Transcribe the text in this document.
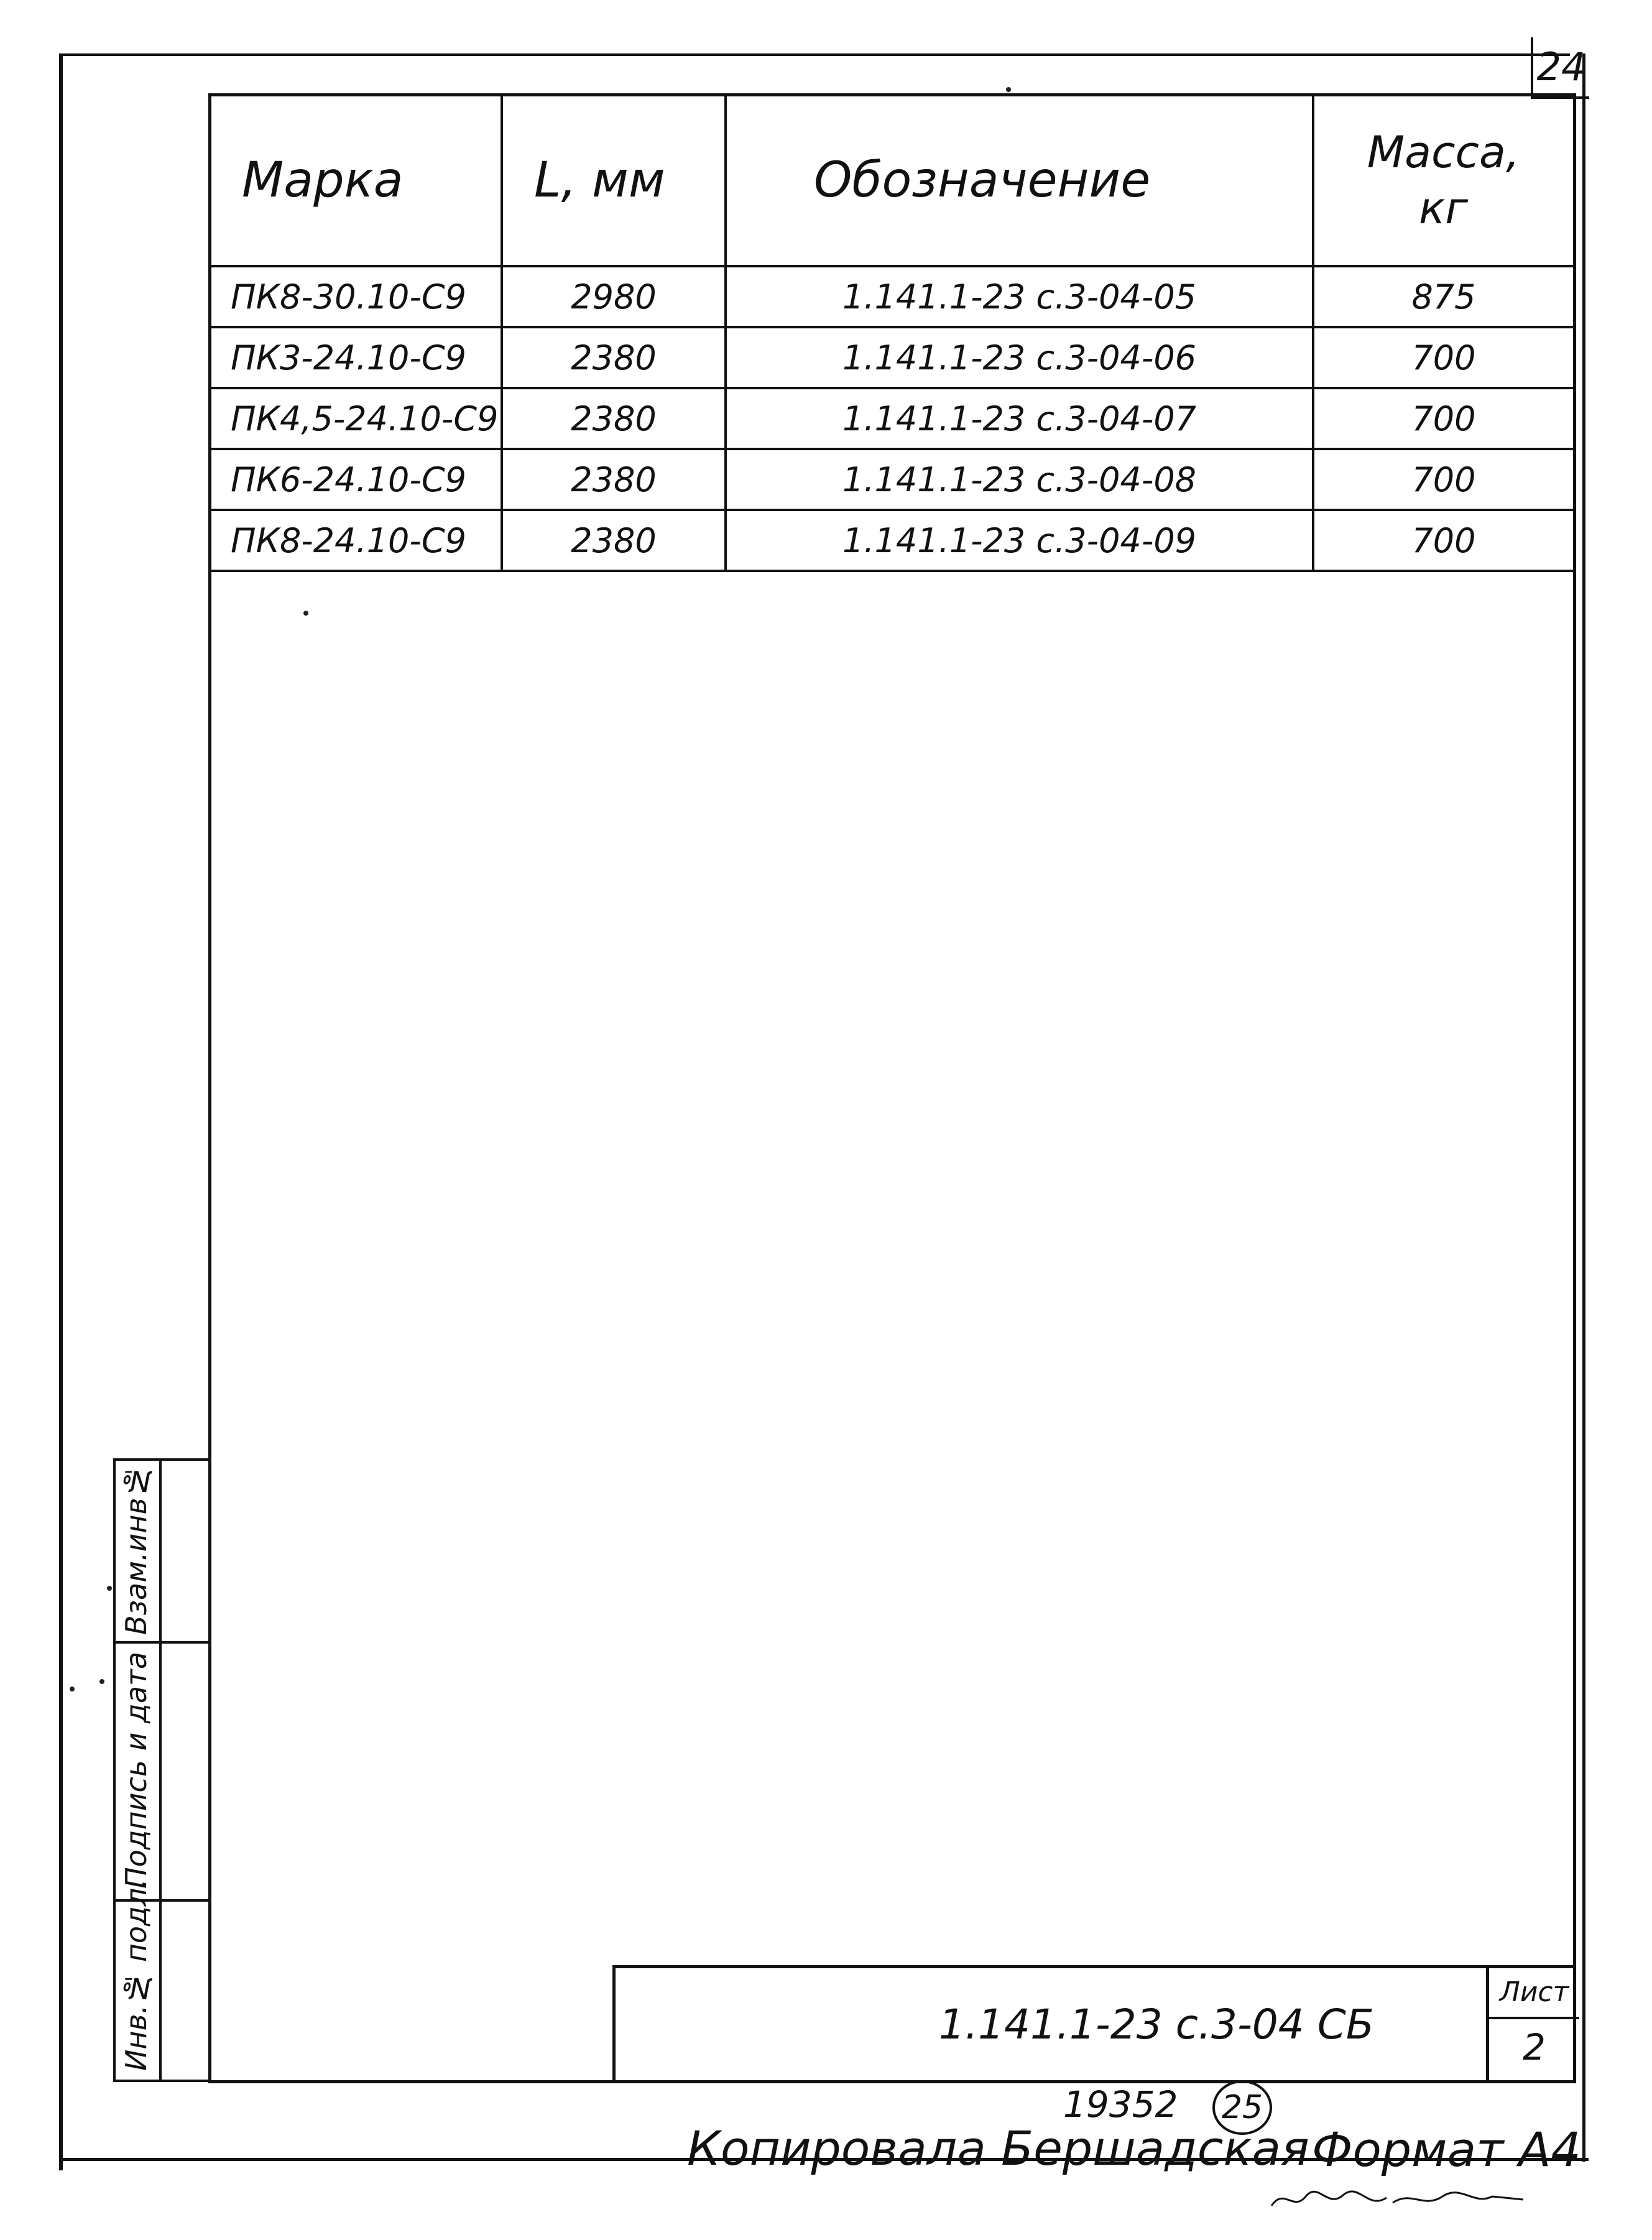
24
Марка	L, мм	Обозначение	Масса,
кг

ПК8-30.10-С9	2980	1.141.1-23 с.3-04-05	875
ПК3-24.10-С9	2380	1.141.1-23 с.3-04-06	700
ПК4,5-24.10-С9	2380	1.141.1-23 с.3-04-07	700
ПК6-24.10-С9	2380	1.141.1-23 с.3-04-08	700
ПК8-24.10-С9	2380	1.141.1-23 с.3-04-09	700
Взам.инв№
Подпись и дата
Инв.№ подл.	1.141.1-23 с.3-04 СБ
Лист
2
19352 25
Копировала Бершадская Формат А4
